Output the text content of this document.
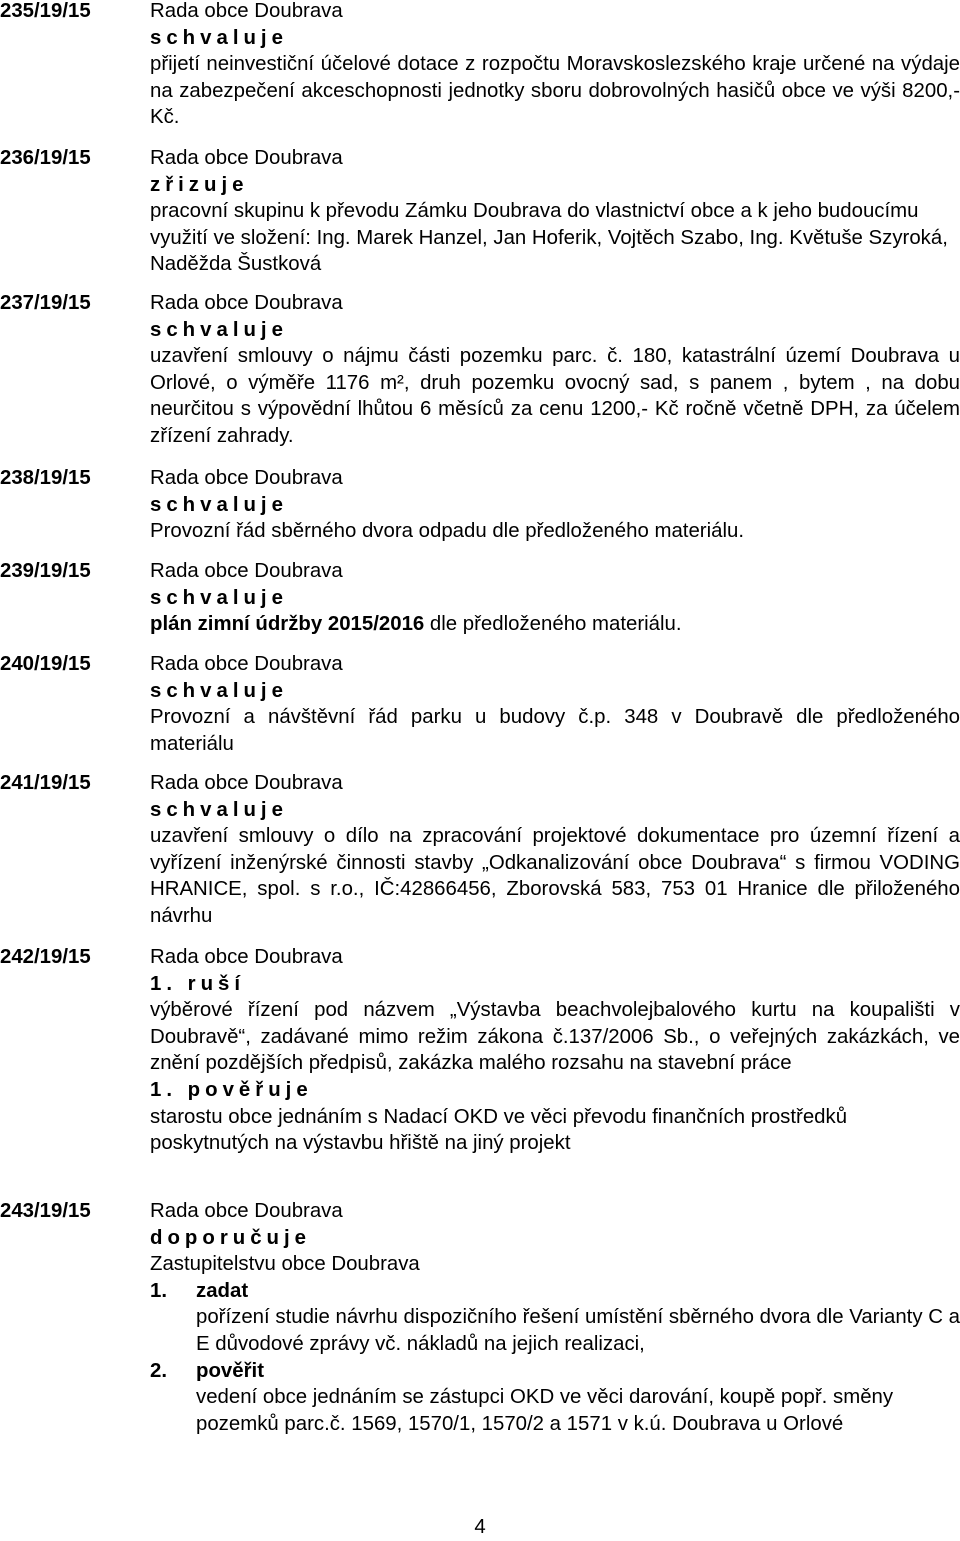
235/19/15	Rada obce Doubrava
schvaluje
přijetí neinvestiční účelové dotace z rozpočtu Moravskoslezského kraje určené na výdaje na zabezpečení akceschopnosti jednotky sboru dobrovolných hasičů obce ve výši 8200,- Kč.
236/19/15	Rada obce Doubrava
zřizuje
pracovní skupinu k převodu Zámku Doubrava do vlastnictví obce a k jeho budoucímu využití ve složení: Ing. Marek Hanzel, Jan Hoferik, Vojtěch Szabo, Ing. Květuše Szyroká, Naděžda Šustková
237/19/15	Rada obce Doubrava
schvaluje
uzavření smlouvy o nájmu části pozemku parc. č. 180, katastrální území Doubrava u Orlové, o výměře 1176 m², druh pozemku ovocný sad, s panem , bytem , na dobu neurčitou s výpovědní lhůtou 6 měsíců za cenu 1200,- Kč ročně včetně DPH, za účelem zřízení zahrady.
238/19/15	Rada obce Doubrava
schvaluje
Provozní řád sběrného dvora odpadu dle předloženého materiálu.
239/19/15	Rada obce Doubrava
schvaluje
plán zimní údržby 2015/2016 dle předloženého materiálu.
240/19/15	Rada obce Doubrava
schvaluje
Provozní a návštěvní řád parku u budovy č.p. 348 v Doubravě dle předloženého materiálu
241/19/15	Rada obce Doubrava
schvaluje
uzavření smlouvy o dílo na zpracování projektové dokumentace pro územní řízení a vyřízení inženýrské činnosti stavby „Odkanalizování obce Doubrava“ s firmou VODING HRANICE, spol. s r.o., IČ:42866456, Zborovská 583, 753 01 Hranice dle přiloženého návrhu
242/19/15	Rada obce Doubrava
1. ruší
výběrové řízení pod názvem „Výstavba beachvolejbalového kurtu na koupališti v Doubravě“, zadávané mimo režim zákona č.137/2006 Sb., o veřejných zakázkách, ve znění pozdějších předpisů, zakázka malého rozsahu na stavební práce
1. pověřuje
starostu obce jednáním s Nadací OKD ve věci převodu finančních prostředků poskytnutých na výstavbu hřiště na jiný projekt
243/19/15	Rada obce Doubrava
doporučuje
Zastupitelstvu obce Doubrava
1. zadat
pořízení studie návrhu dispozičního řešení umístění sběrného dvora dle Varianty C a E důvodové zprávy vč. nákladů na jejich realizaci,
2. pověřit
vedení obce jednáním se zástupci OKD ve věci darování, koupě popř. směny pozemků parc.č. 1569, 1570/1, 1570/2 a 1571 v k.ú. Doubrava u Orlové
4
